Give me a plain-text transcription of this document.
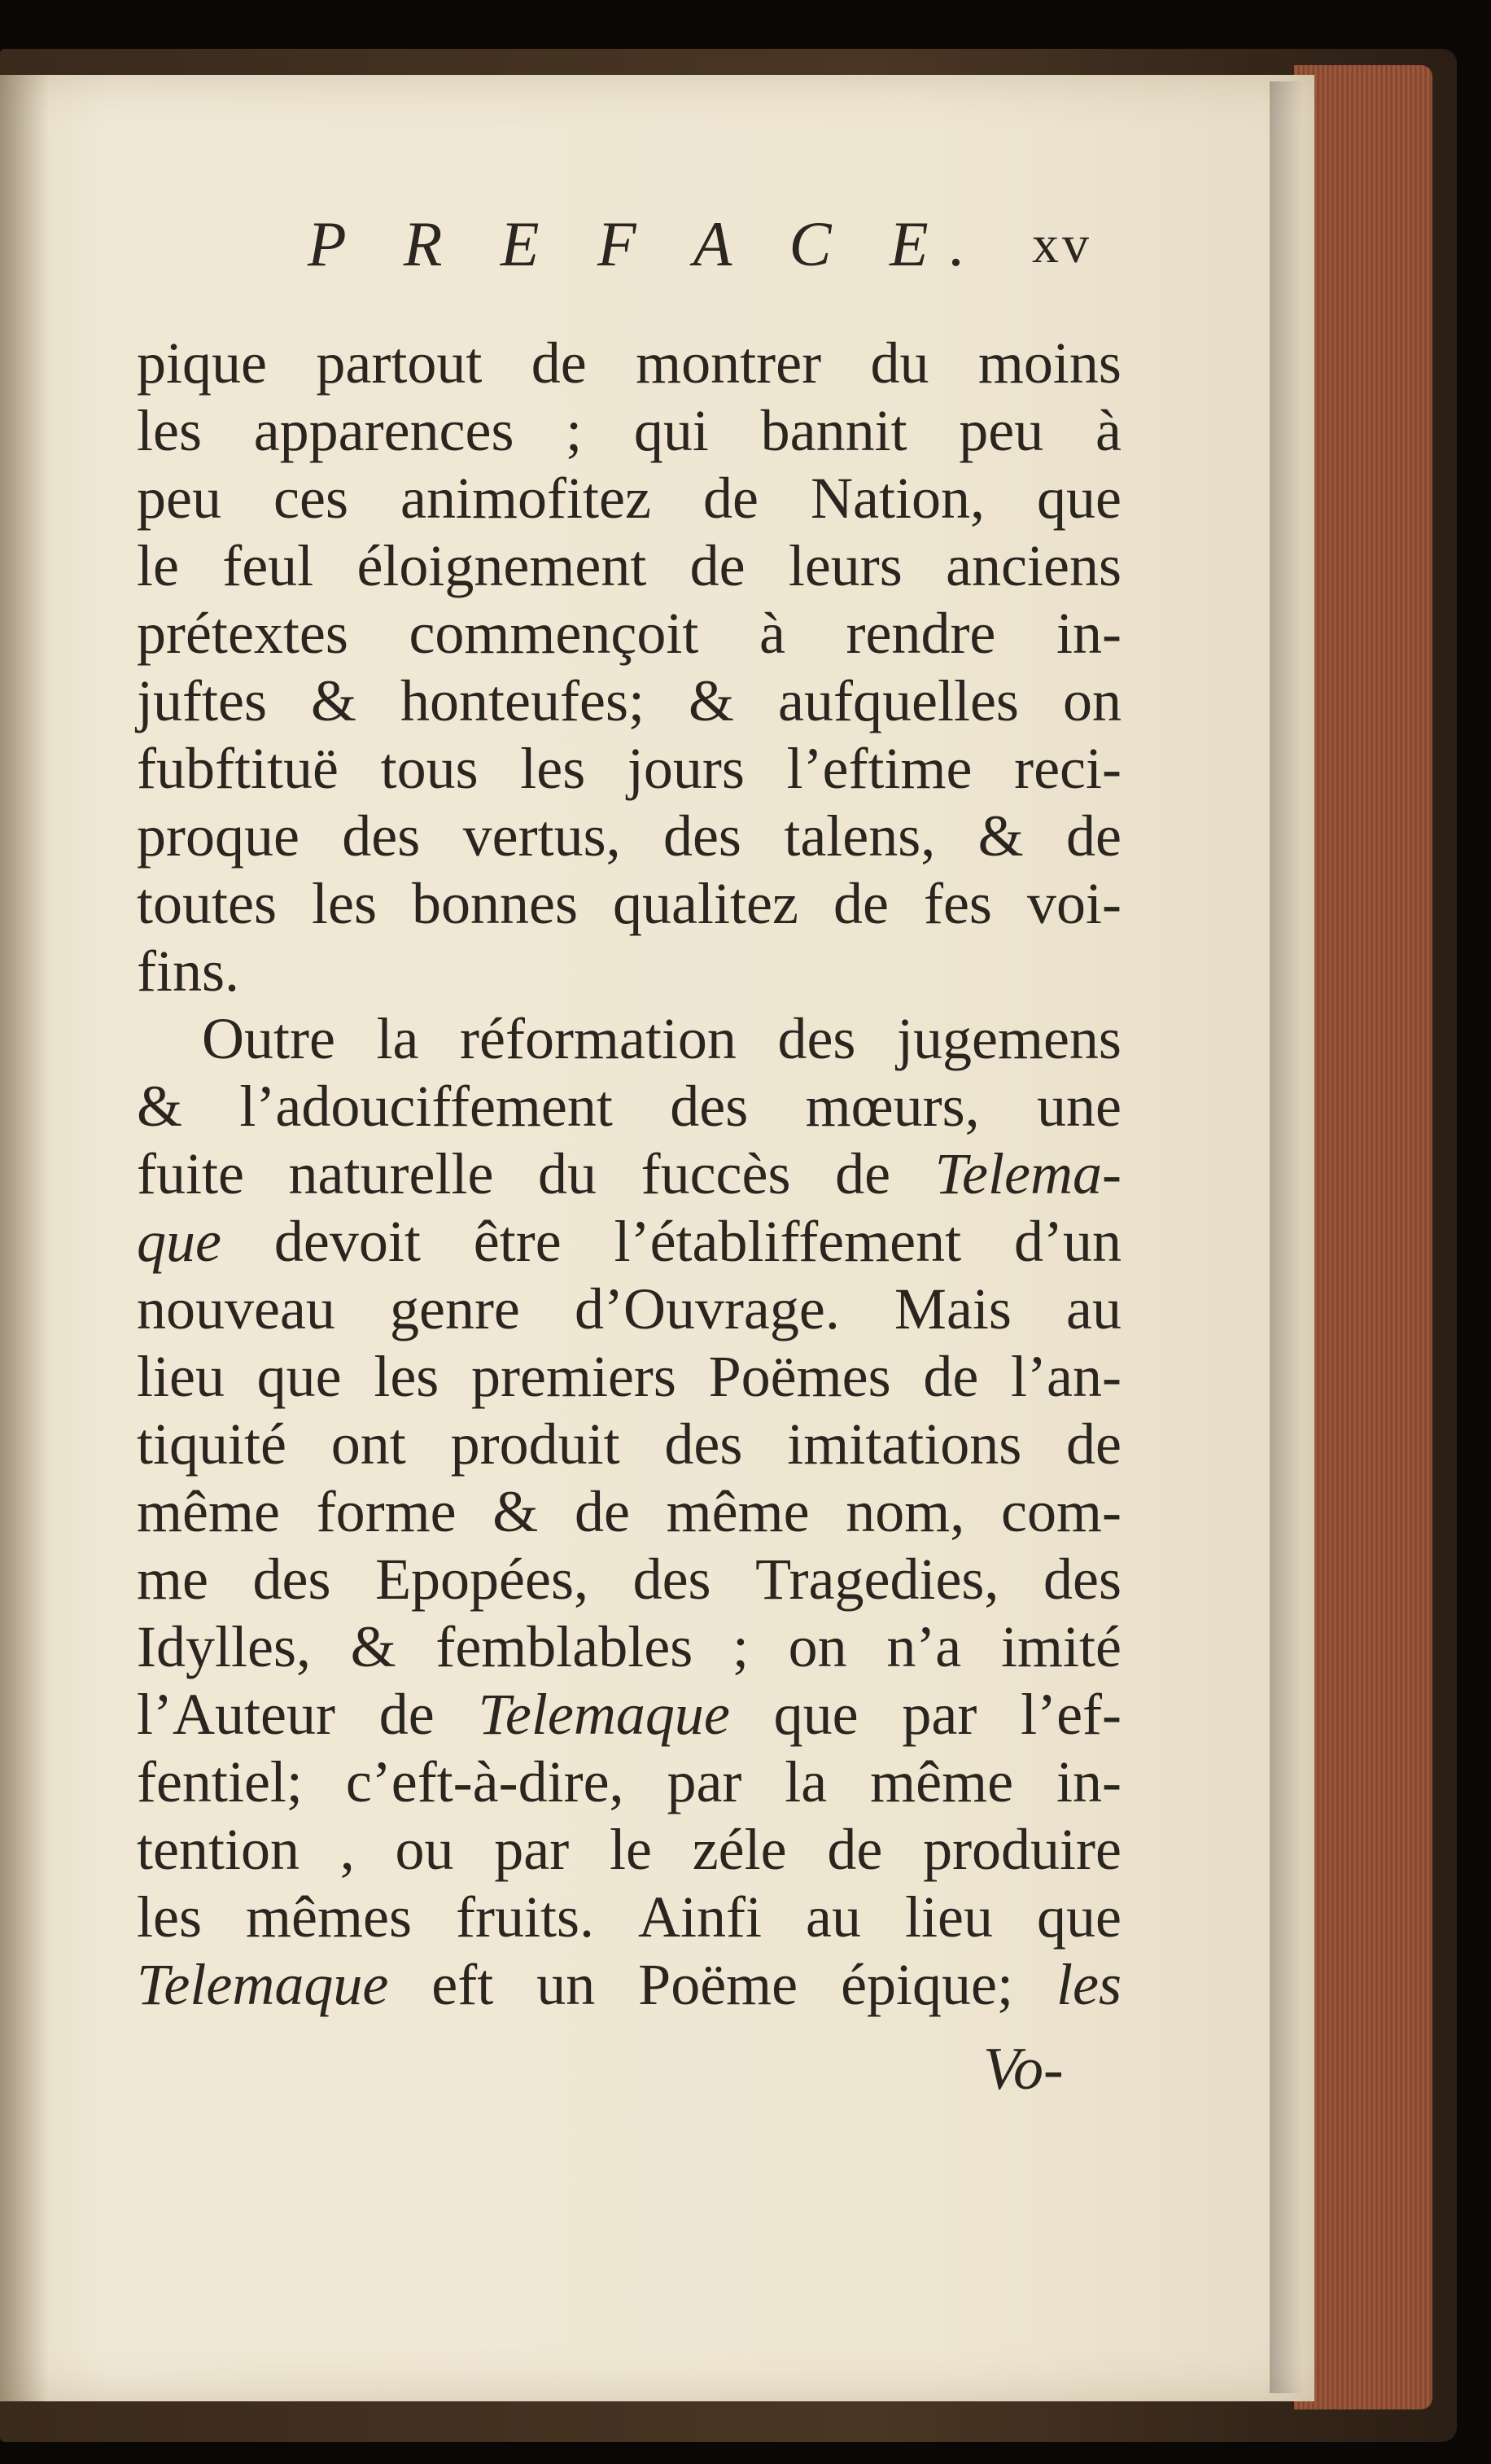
P R E F A C E. xv
pique partout de montrer du moins
les apparences ; qui bannit peu à
peu ces animofitez de Nation, que
le feul éloignement de leurs anciens
prétextes commençoit à rendre in-
juftes & honteufes; & aufquelles on
fubftituë tous les jours l’eftime reci-
proque des vertus, des talens, & de
toutes les bonnes qualitez de fes voi-
fins.
Outre la réformation des jugemens
& l’adouciffement des mœurs, une
fuite naturelle du fuccès de Telema-
que devoit être l’établiffement d’un
nouveau genre d’Ouvrage. Mais au
lieu que les premiers Poëmes de l’an-
tiquité ont produit des imitations de
même forme & de même nom, com-
me des Epopées, des Tragedies, des
Idylles, & femblables ; on n’a imité
l’Auteur de Telemaque que par l’ef-
fentiel; c’eft-à-dire, par la même in-
tention , ou par le zéle de produire
les mêmes fruits. Ainfi au lieu que
Telemaque eft un Poëme épique; les
Vo-
